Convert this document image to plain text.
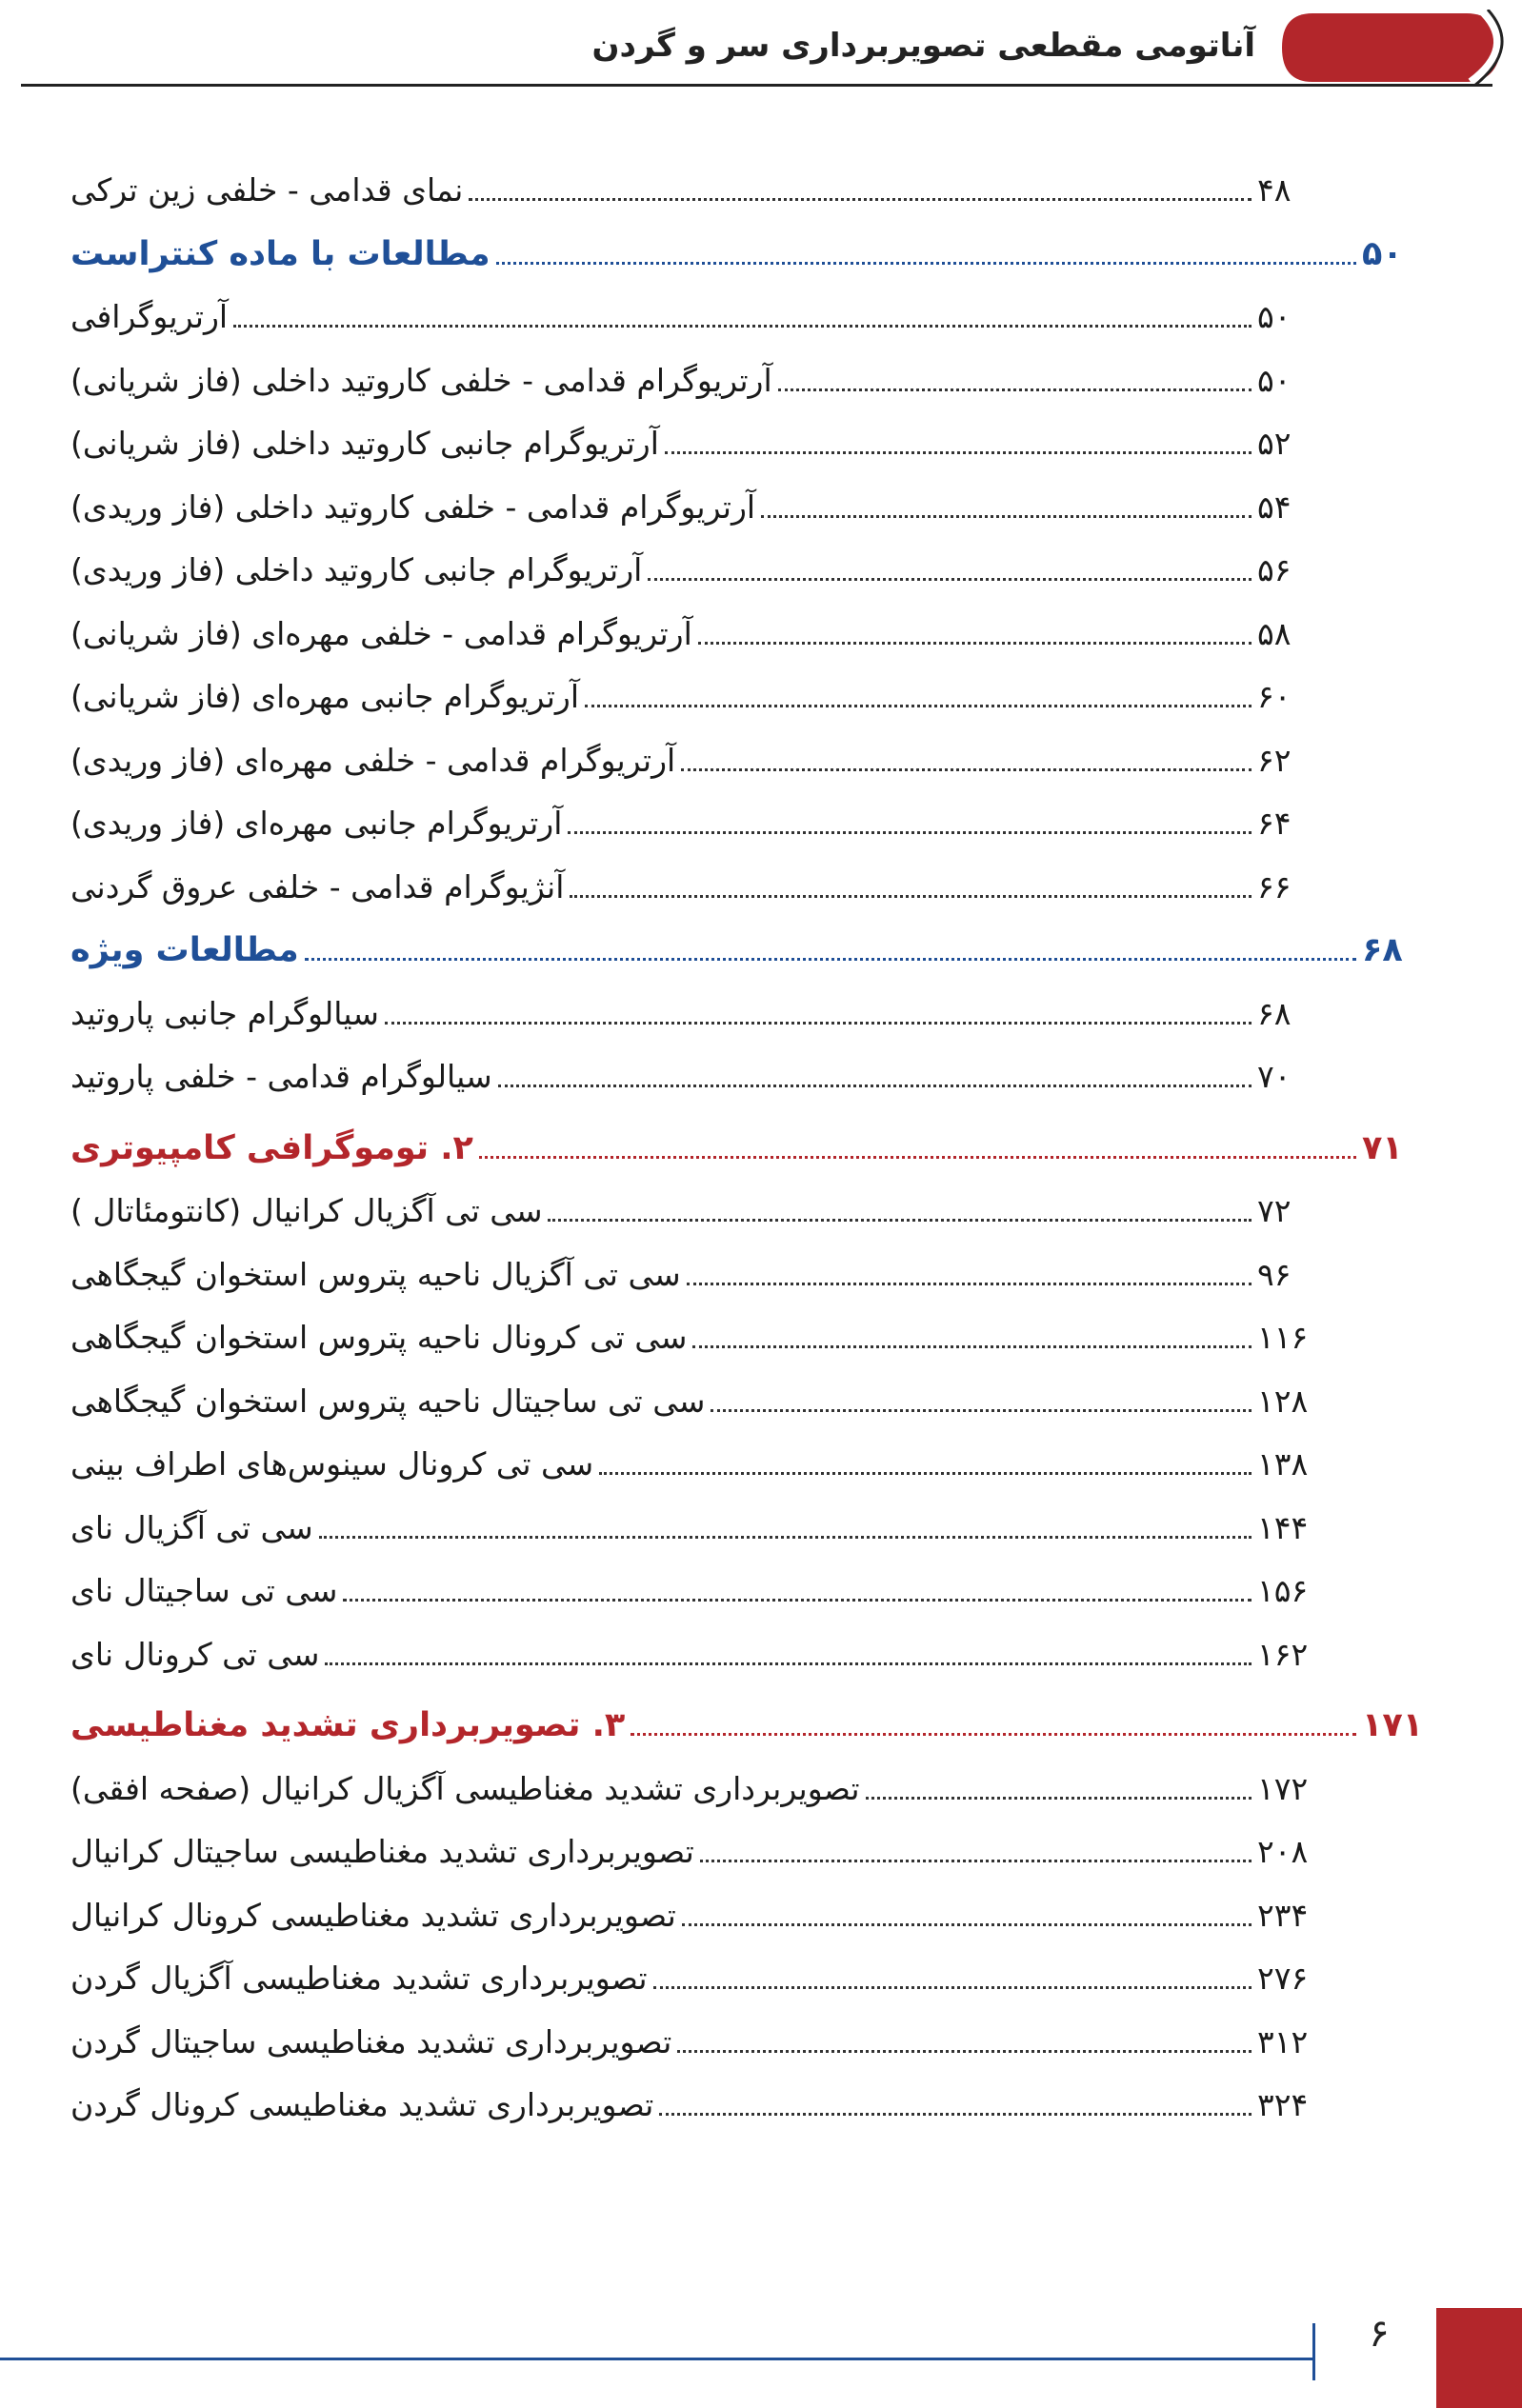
آناتومی مقطعی تصویربرداری سر و گردن
نمای قدامی - خلفی زین ترکی	۴۸
مطالعات با ماده کنتراست	۵۰
آرتریوگرافی	۵۰
آرتریوگرام قدامی - خلفی کاروتید داخلی (فاز شریانی)	۵۰
آرتریوگرام جانبی کاروتید داخلی (فاز شریانی)	۵۲
آرتریوگرام قدامی - خلفی کاروتید داخلی (فاز وریدی)	۵۴
آرتریوگرام جانبی کاروتید داخلی (فاز وریدی)	۵۶
آرتریوگرام قدامی - خلفی مهره‌ای (فاز شریانی)	۵۸
آرتریوگرام جانبی مهره‌ای (فاز شریانی)	۶۰
آرتریوگرام قدامی - خلفی مهره‌ای (فاز وریدی)	۶۲
آرتریوگرام جانبی مهره‌ای (فاز وریدی)	۶۴
آنژیوگرام قدامی - خلفی عروق گردنی	۶۶
مطالعات ویژه	۶۸
سیالوگرام جانبی پاروتید	۶۸
سیالوگرام قدامی - خلفی پاروتید	۷۰
۲. توموگرافی کامپیوتری	۷۱
سی تی آگزیال کرانیال (کانتومئاتال )	۷۲
سی تی آگزیال ناحیه پتروس استخوان گیجگاهی	۹۶
سی تی کرونال ناحیه پتروس استخوان گیجگاهی	۱۱۶
سی تی ساجیتال ناحیه پتروس استخوان گیجگاهی	۱۲۸
سی تی کرونال سینوس‌های اطراف بینی	۱۳۸
سی تی آگزیال نای	۱۴۴
سی تی ساجیتال نای	۱۵۶
سی تی کرونال نای	۱۶۲
۳. تصویربرداری تشدید مغناطیسی	۱۷۱
تصویربرداری تشدید مغناطیسی آگزیال کرانیال (صفحه افقی)	۱۷۲
تصویربرداری تشدید مغناطیسی ساجیتال کرانیال	۲۰۸
تصویربرداری تشدید مغناطیسی کرونال کرانیال	۲۳۴
تصویربرداری تشدید مغناطیسی آگزیال گردن	۲۷۶
تصویربرداری تشدید مغناطیسی ساجیتال گردن	۳۱۲
تصویربرداری تشدید مغناطیسی کرونال گردن	۳۲۴
۶
